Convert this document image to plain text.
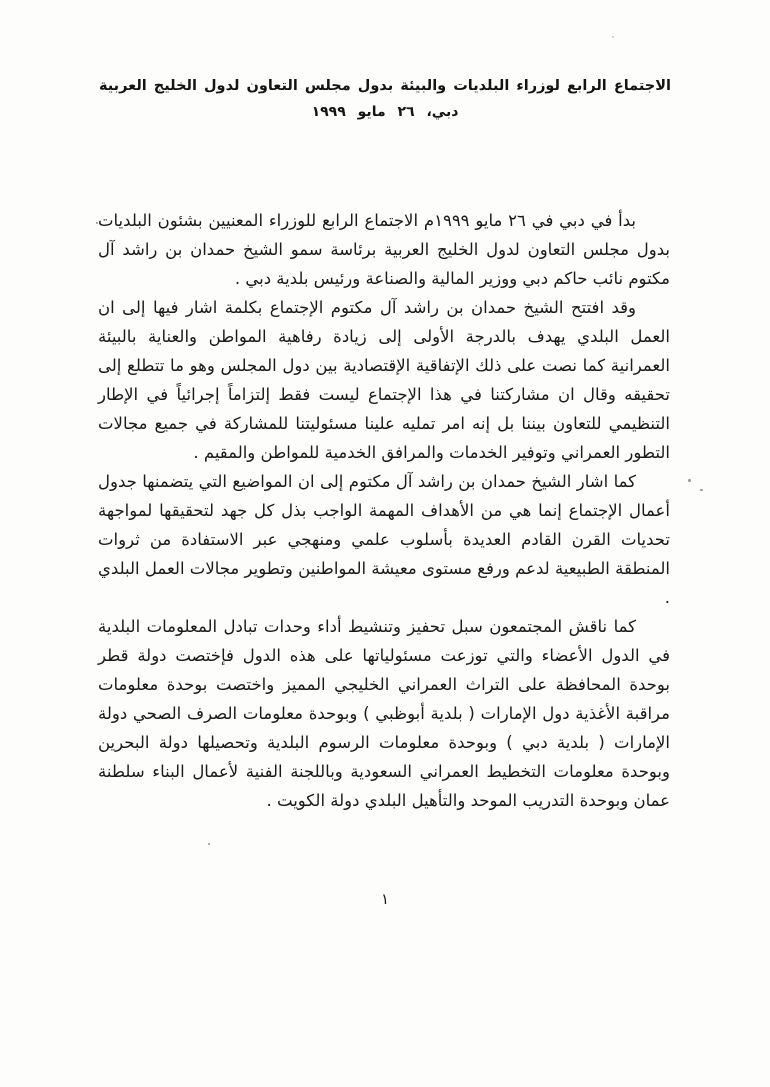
الاجتماع الرابع لوزراء البلديات والبيئة بدول مجلس التعاون لدول الخليج العربية
دبي، ٢٦ مايو ١٩٩٩

بدأ في دبي في ٢٦ مايو ١٩٩٩م الاجتماع الرابع للوزراء المعنيين بشئون البلديات بدول مجلس التعاون لدول الخليج العربية برئاسة سمو الشيخ حمدان بن راشد آل مكتوم نائب حاكم دبي ووزير المالية والصناعة ورئيس بلدية دبي .

وقد افتتح الشيخ حمدان بن راشد آل مكتوم الإجتماع بكلمة اشار فيها إلى ان العمل البلدي يهدف بالدرجة الأولى إلى زيادة رفاهية المواطن والعناية بالبيئة العمرانية كما نصت على ذلك الإتفاقية الإقتصادية بين دول المجلس وهو ما تتطلع إلى تحقيقه وقال ان مشاركتنا في هذا الإجتماع ليست فقط إلتزاماً إجرائياً في الإطار التنظيمي للتعاون بيننا بل إنه امر تمليه علينا مسئوليتنا للمشاركة في جميع مجالات التطور العمراني وتوفير الخدمات والمرافق الخدمية للمواطن والمقيم .

كما اشار الشيخ حمدان بن راشد آل مكتوم إلى ان المواضيع التي يتضمنها جدول أعمال الإجتماع إنما هي من الأهداف المهمة الواجب بذل كل جهد لتحقيقها لمواجهة تحديات القرن القادم العديدة بأسلوب علمي ومنهجي عبر الاستفادة من ثروات المنطقة الطبيعية لدعم ورفع مستوى معيشة المواطنين وتطوير مجالات العمل البلدي .

كما ناقش المجتمعون سبل تحفيز وتنشيط أداء وحدات تبادل المعلومات البلدية في الدول الأعضاء والتي توزعت مسئولياتها على هذه الدول فإختصت دولة قطر بوحدة المحافظة على التراث العمراني الخليجي المميز واختصت بوحدة معلومات مراقبة الأغذية دول الإمارات ( بلدية أبوظبي ) وبوحدة معلومات الصرف الصحي دولة الإمارات ( بلدية دبي ) وبوحدة معلومات الرسوم البلدية وتحصيلها دولة البحرين وبوحدة معلومات التخطيط العمراني السعودية وباللجنة الفنية لأعمال البناء سلطنة عمان وبوحدة التدريب الموحد والتأهيل البلدي دولة الكويت .

١
